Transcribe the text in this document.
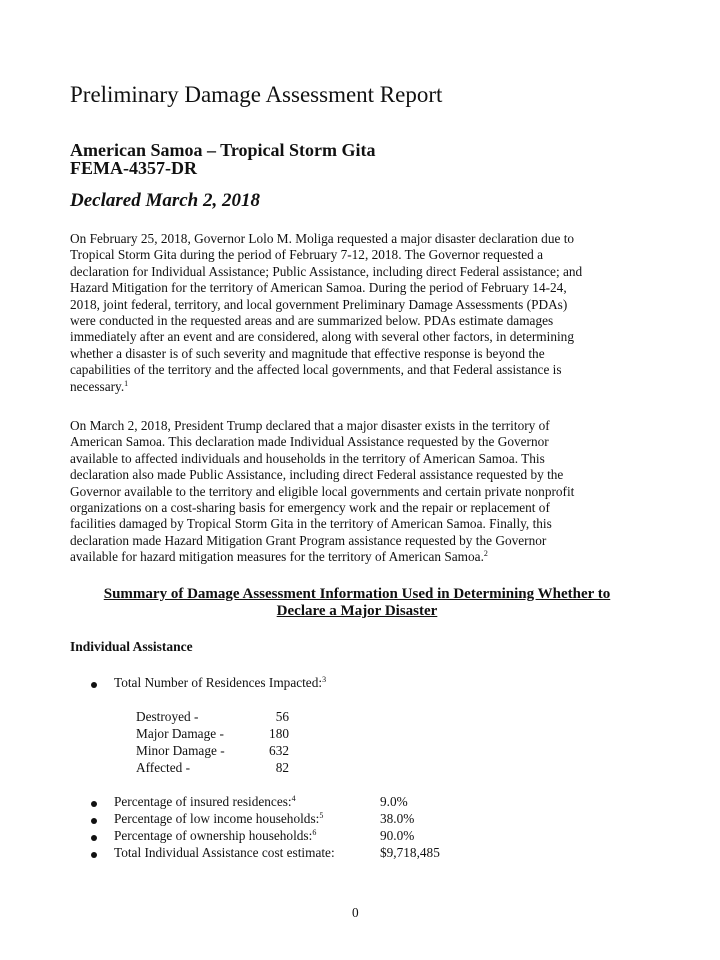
Preliminary Damage Assessment Report
American Samoa – Tropical Storm Gita
FEMA-4357-DR
Declared March 2, 2018
On February 25, 2018, Governor Lolo M. Moliga requested a major disaster declaration due to
Tropical Storm Gita during the period of February 7-12, 2018. The Governor requested a
declaration for Individual Assistance; Public Assistance, including direct Federal assistance; and
Hazard Mitigation for the territory of American Samoa. During the period of February 14-24,
2018, joint federal, territory, and local government Preliminary Damage Assessments (PDAs)
were conducted in the requested areas and are summarized below. PDAs estimate damages
immediately after an event and are considered, along with several other factors, in determining
whether a disaster is of such severity and magnitude that effective response is beyond the
capabilities of the territory and the affected local governments, and that Federal assistance is
necessary.$^1$
On March 2, 2018, President Trump declared that a major disaster exists in the territory of
American Samoa. This declaration made Individual Assistance requested by the Governor
available to affected individuals and households in the territory of American Samoa. This
declaration also made Public Assistance, including direct Federal assistance requested by the
Governor available to the territory and eligible local governments and certain private nonprofit
organizations on a cost-sharing basis for emergency work and the repair or replacement of
facilities damaged by Tropical Storm Gita in the territory of American Samoa. Finally, this
declaration made Hazard Mitigation Grant Program assistance requested by the Governor
available for hazard mitigation measures for the territory of American Samoa.$^2$
Summary of Damage Assessment Information Used in Determining Whether to
Declare a Major Disaster
Individual Assistance
Total Number of Residences Impacted:$^3$
Destroyed -	56
Major Damage -	180
Minor Damage -	632
Affected -	82
Percentage of insured residences:$^4$	9.0%
Percentage of low income households:$^5$	38.0%
Percentage of ownership households:$^6$	90.0%
Total Individual Assistance cost estimate:	$9,718,485
0
